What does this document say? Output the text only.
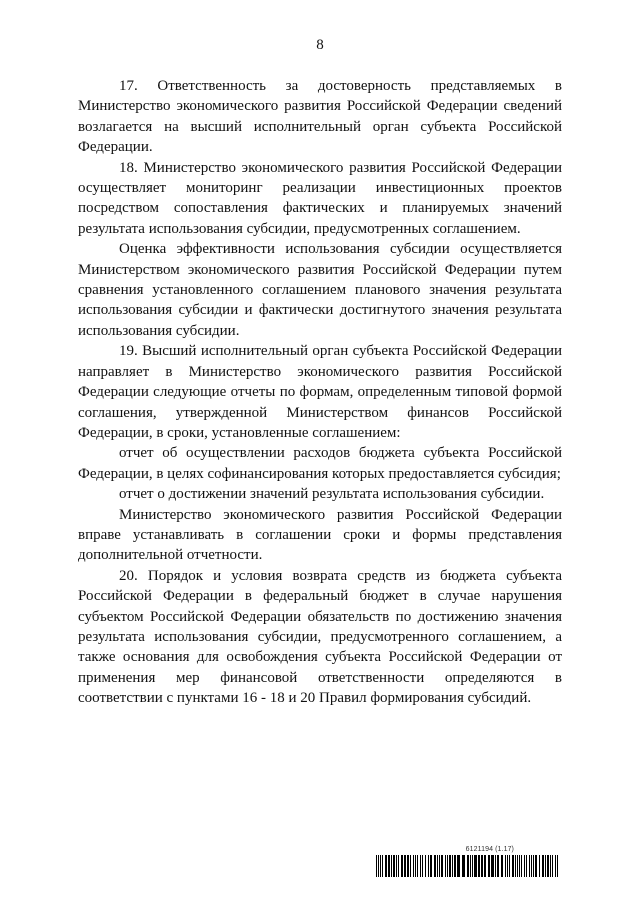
8

17. Ответственность за достоверность представляемых в Министерство экономического развития Российской Федерации сведений возлагается на высший исполнительный орган субъекта Российской Федерации.

18. Министерство экономического развития Российской Федерации осуществляет мониторинг реализации инвестиционных проектов посредством сопоставления фактических и планируемых значений результата использования субсидии, предусмотренных соглашением.

Оценка эффективности использования субсидии осуществляется Министерством экономического развития Российской Федерации путем сравнения установленного соглашением планового значения результата использования субсидии и фактически достигнутого значения результата использования субсидии.

19. Высший исполнительный орган субъекта Российской Федерации направляет в Министерство экономического развития Российской Федерации следующие отчеты по формам, определенным типовой формой соглашения, утвержденной Министерством финансов Российской Федерации, в сроки, установленные соглашением:

отчет об осуществлении расходов бюджета субъекта Российской Федерации, в целях софинансирования которых предоставляется субсидия;

отчет о достижении значений результата использования субсидии.

Министерство экономического развития Российской Федерации вправе устанавливать в соглашении сроки и формы представления дополнительной отчетности.

20. Порядок и условия возврата средств из бюджета субъекта Российской Федерации в федеральный бюджет в случае нарушения субъектом Российской Федерации обязательств по достижению значения результата использования субсидии, предусмотренного соглашением, а также основания для освобождения субъекта Российской Федерации от применения мер финансовой ответственности определяются в соответствии с пунктами 16 - 18 и 20 Правил формирования субсидий.

6121194 (1.17)
